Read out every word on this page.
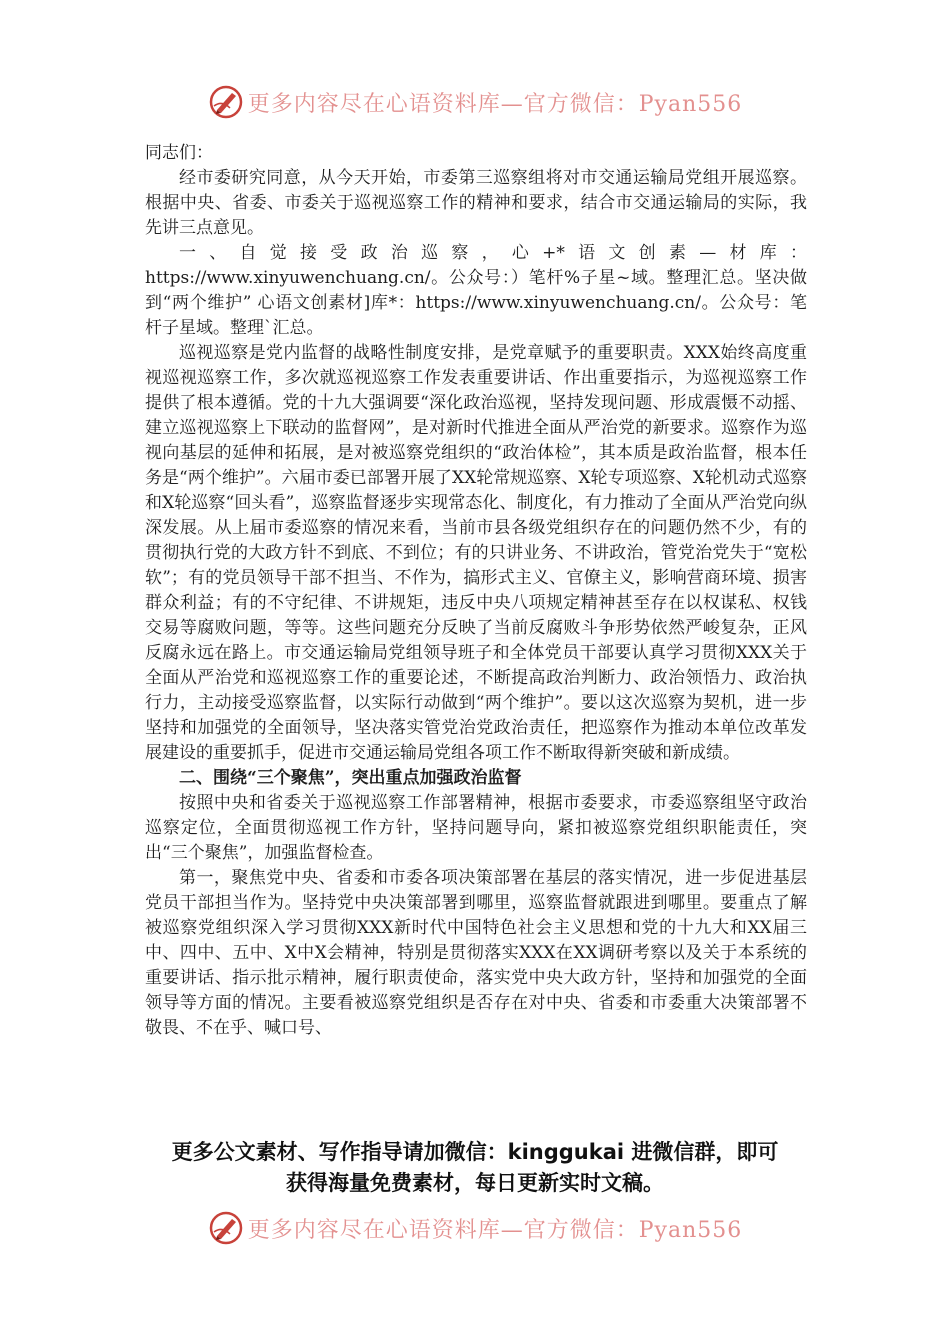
更多内容尽在心语资料库—官方微信：Pyan556

同志们：

经市委研究同意，从今天开始，市委第三巡察组将对市交通运输局党组开展巡察。根据中央、省委、市委关于巡视巡察工作的精神和要求，结合市交通运输局的实际，我先讲三点意见。

一、自觉接受政治巡察，心+*语文创素—材库：https://www.xinyuwenchuang.cn/。公众号：）笔杆%子星~域。整理汇总。坚决做到“两个维护” 心语文创素材]库*：https://www.xinyuwenchuang.cn/。公众号：笔杆子星域。整理`汇总。

巡视巡察是党内监督的战略性制度安排，是党章赋予的重要职责。XXX始终高度重视巡视巡察工作，多次就巡视巡察工作发表重要讲话、作出重要指示，为巡视巡察工作提供了根本遵循。党的十九大强调要“深化政治巡视，坚持发现问题、形成震慑不动摇、建立巡视巡察上下联动的监督网”，是对新时代推进全面从严治党的新要求。巡察作为巡视向基层的延伸和拓展，是对被巡察党组织的“政治体检”，其本质是政治监督，根本任务是“两个维护”。六届市委已部署开展了XX轮常规巡察、X轮专项巡察、X轮机动式巡察和X轮巡察“回头看”，巡察监督逐步实现常态化、制度化，有力推动了全面从严治党向纵深发展。从上届市委巡察的情况来看，当前市县各级党组织存在的问题仍然不少，有的贯彻执行党的大政方针不到底、不到位；有的只讲业务、不讲政治，管党治党失于“宽松软”；有的党员领导干部不担当、不作为，搞形式主义、官僚主义，影响营商环境、损害群众利益；有的不守纪律、不讲规矩，违反中央八项规定精神甚至存在以权谋私、权钱交易等腐败问题，等等。这些问题充分反映了当前反腐败斗争形势依然严峻复杂，正风反腐永远在路上。市交通运输局党组领导班子和全体党员干部要认真学习贯彻XXX关于全面从严治党和巡视巡察工作的重要论述，不断提高政治判断力、政治领悟力、政治执行力，主动接受巡察监督，以实际行动做到“两个维护”。要以这次巡察为契机，进一步坚持和加强党的全面领导，坚决落实管党治党政治责任，把巡察作为推动本单位改革发展建设的重要抓手，促进市交通运输局党组各项工作不断取得新突破和新成绩。

二、围绕“三个聚焦”，突出重点加强政治监督

按照中央和省委关于巡视巡察工作部署精神，根据市委要求，市委巡察组坚守政治巡察定位，全面贯彻巡视工作方针，坚持问题导向，紧扣被巡察党组织职能责任，突出“三个聚焦”，加强监督检查。

第一，聚焦党中央、省委和市委各项决策部署在基层的落实情况，进一步促进基层党员干部担当作为。坚持党中央决策部署到哪里，巡察监督就跟进到哪里。要重点了解被巡察党组织深入学习贯彻XXX新时代中国特色社会主义思想和党的十九大和XX届三中、四中、五中、X中X会精神，特别是贯彻落实XXX在XX调研考察以及关于本系统的重要讲话、指示批示精神，履行职责使命，落实党中央大政方针，坚持和加强党的全面领导等方面的情况。主要看被巡察党组织是否存在对中央、省委和市委重大决策部署不敬畏、不在乎、喊口号、

更多公文素材、写作指导请加微信：kinggukai 进微信群，即可
获得海量免费素材，每日更新实时文稿。
更多内容尽在心语资料库—官方微信：Pyan556
